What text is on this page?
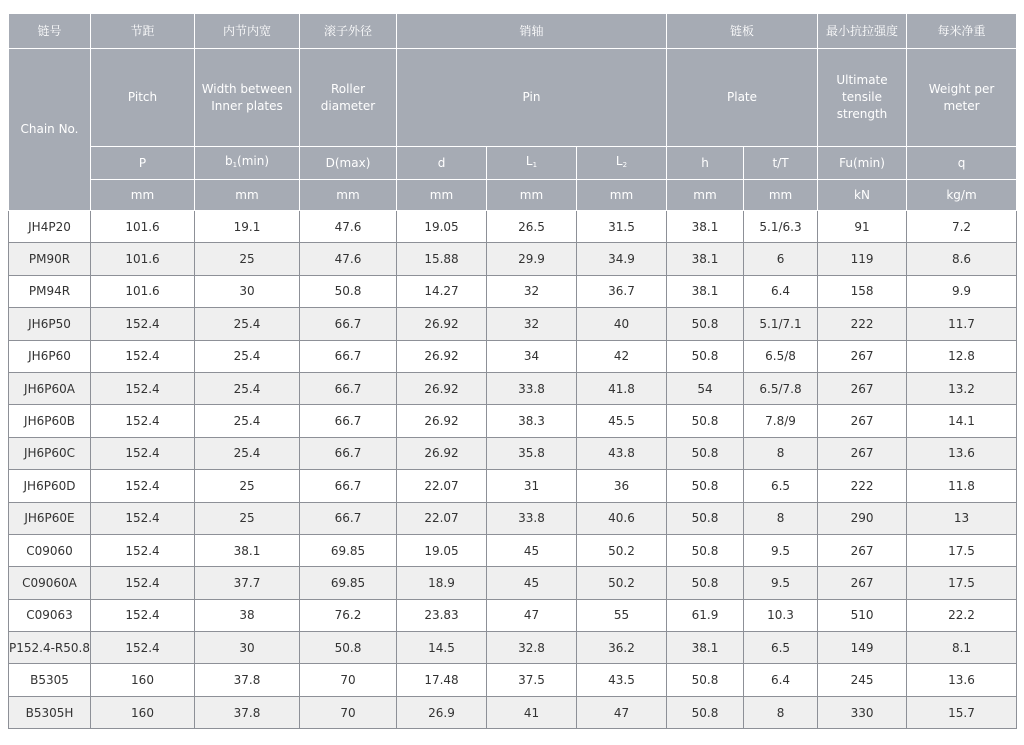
链号	节距	内节内宽	滚子外径	销轴			链板		最小抗拉强度	每米净重
Chain No.	Pitch	Width between Inner plates	Roller diameter	Pin			Plate		Ultimate tensile strength	Weight per meter
	P	$b_1(\min)$	D(max)	d	$L_1$	$L_2$	h	t/T	Fu(min)	q
	mm	mm	mm	mm	mm	mm	mm	mm	kN	kg/m
JH4P20	101.6	19.1	47.6	19.05	26.5	31.5	38.1	5.1/6.3	91	7.2
PM90R	101.6	25	47.6	15.88	29.9	34.9	38.1	6	119	8.6
PM94R	101.6	30	50.8	14.27	32	36.7	38.1	6.4	158	9.9
JH6P50	152.4	25.4	66.7	26.92	32	40	50.8	5.1/7.1	222	11.7
JH6P60	152.4	25.4	66.7	26.92	34	42	50.8	6.5/8	267	12.8
JH6P60A	152.4	25.4	66.7	26.92	33.8	41.8	54	6.5/7.8	267	13.2
JH6P60B	152.4	25.4	66.7	26.92	38.3	45.5	50.8	7.8/9	267	14.1
JH6P60C	152.4	25.4	66.7	26.92	35.8	43.8	50.8	8	267	13.6
JH6P60D	152.4	25	66.7	22.07	31	36	50.8	6.5	222	11.8
JH6P60E	152.4	25	66.7	22.07	33.8	40.6	50.8	8	290	13
C09060	152.4	38.1	69.85	19.05	45	50.2	50.8	9.5	267	17.5
C09060A	152.4	37.7	69.85	18.9	45	50.2	50.8	9.5	267	17.5
C09063	152.4	38	76.2	23.83	47	55	61.9	10.3	510	22.2
P152.4-R50.8	152.4	30	50.8	14.5	32.8	36.2	38.1	6.5	149	8.1
B5305	160	37.8	70	17.48	37.5	43.5	50.8	6.4	245	13.6
B5305H	160	37.8	70	26.9	41	47	50.8	8	330	15.7
